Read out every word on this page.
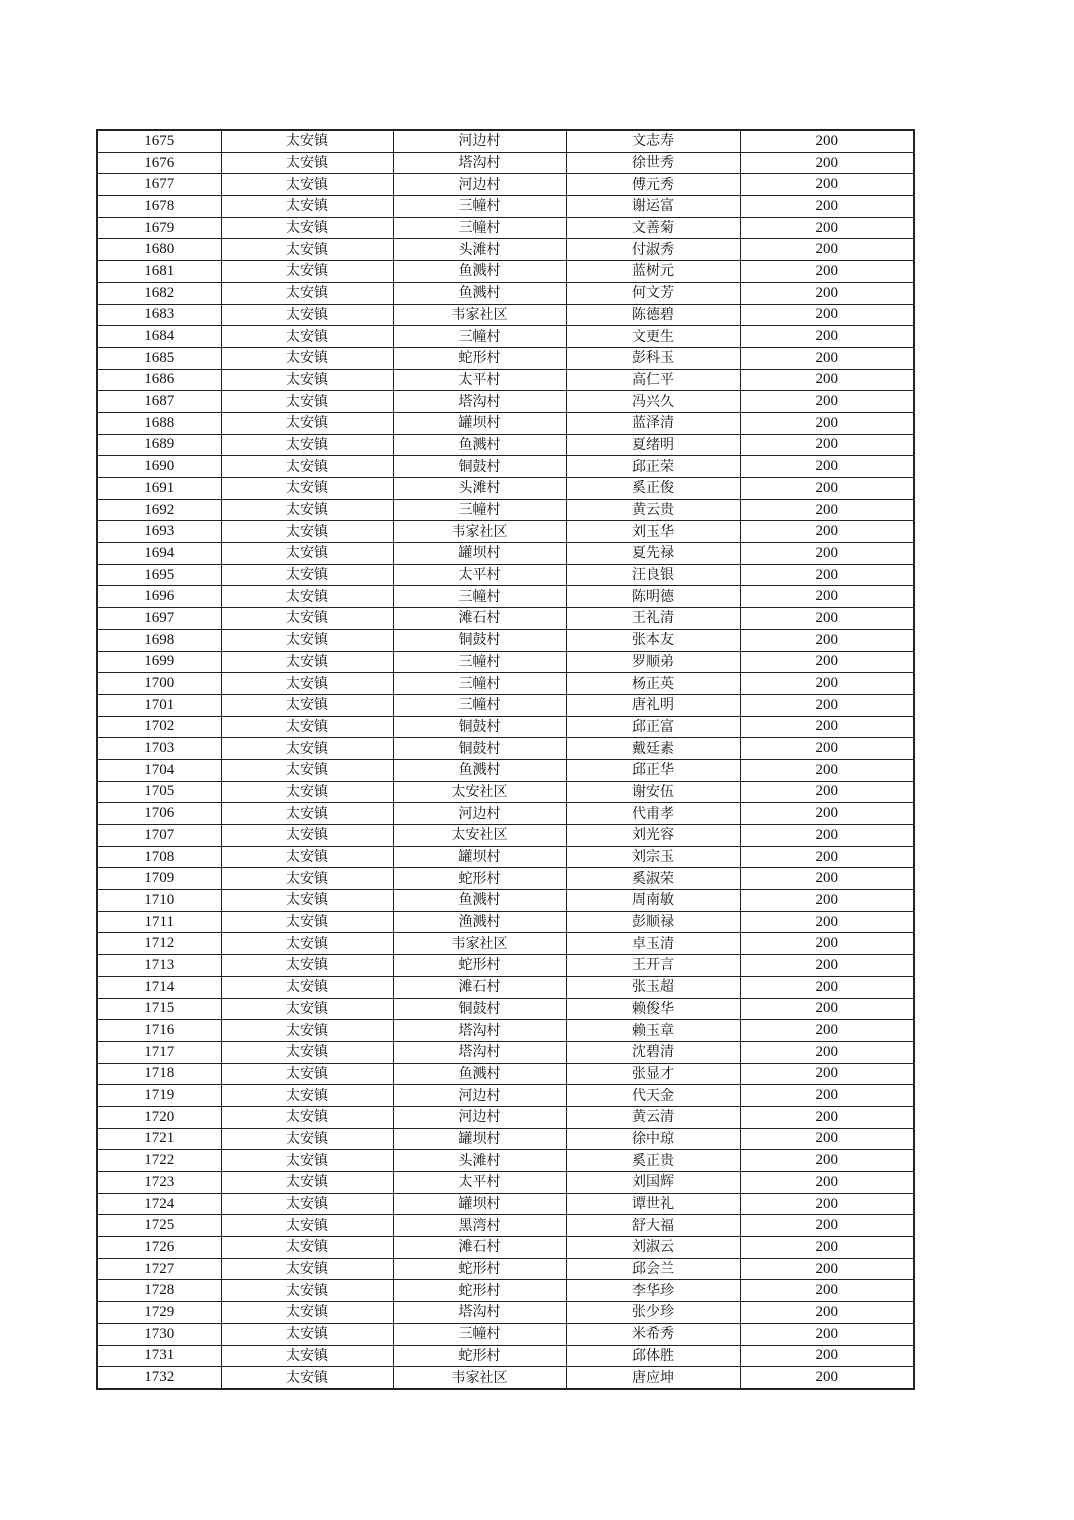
1675	太安镇	河边村	文志寿	200
1676	太安镇	塔沟村	徐世秀	200
1677	太安镇	河边村	傅元秀	200
1678	太安镇	三幢村	谢运富	200
1679	太安镇	三幢村	文善菊	200
1680	太安镇	头滩村	付淑秀	200
1681	太安镇	鱼溅村	蓝树元	200
1682	太安镇	鱼溅村	何文芳	200
1683	太安镇	韦家社区	陈德碧	200
1684	太安镇	三幢村	文更生	200
1685	太安镇	蛇形村	彭科玉	200
1686	太安镇	太平村	高仁平	200
1687	太安镇	塔沟村	冯兴久	200
1688	太安镇	罐坝村	蓝泽清	200
1689	太安镇	鱼溅村	夏绪明	200
1690	太安镇	铜鼓村	邱正荣	200
1691	太安镇	头滩村	奚正俊	200
1692	太安镇	三幢村	黄云贵	200
1693	太安镇	韦家社区	刘玉华	200
1694	太安镇	罐坝村	夏先禄	200
1695	太安镇	太平村	汪良银	200
1696	太安镇	三幢村	陈明德	200
1697	太安镇	滩石村	王礼清	200
1698	太安镇	铜鼓村	张本友	200
1699	太安镇	三幢村	罗顺弟	200
1700	太安镇	三幢村	杨正英	200
1701	太安镇	三幢村	唐礼明	200
1702	太安镇	铜鼓村	邱正富	200
1703	太安镇	铜鼓村	戴廷素	200
1704	太安镇	鱼溅村	邱正华	200
1705	太安镇	太安社区	谢安伍	200
1706	太安镇	河边村	代甫孝	200
1707	太安镇	太安社区	刘光容	200
1708	太安镇	罐坝村	刘宗玉	200
1709	太安镇	蛇形村	奚淑荣	200
1710	太安镇	鱼溅村	周南敏	200
1711	太安镇	渔溅村	彭顺禄	200
1712	太安镇	韦家社区	卓玉清	200
1713	太安镇	蛇形村	王开言	200
1714	太安镇	滩石村	张玉超	200
1715	太安镇	铜鼓村	赖俊华	200
1716	太安镇	塔沟村	赖玉章	200
1717	太安镇	塔沟村	沈碧清	200
1718	太安镇	鱼溅村	张显才	200
1719	太安镇	河边村	代天金	200
1720	太安镇	河边村	黄云清	200
1721	太安镇	罐坝村	徐中琼	200
1722	太安镇	头滩村	奚正贵	200
1723	太安镇	太平村	刘国辉	200
1724	太安镇	罐坝村	谭世礼	200
1725	太安镇	黑湾村	舒大福	200
1726	太安镇	滩石村	刘淑云	200
1727	太安镇	蛇形村	邱会兰	200
1728	太安镇	蛇形村	李华珍	200
1729	太安镇	塔沟村	张少珍	200
1730	太安镇	三幢村	米希秀	200
1731	太安镇	蛇形村	邱体胜	200
1732	太安镇	韦家社区	唐应坤	200
